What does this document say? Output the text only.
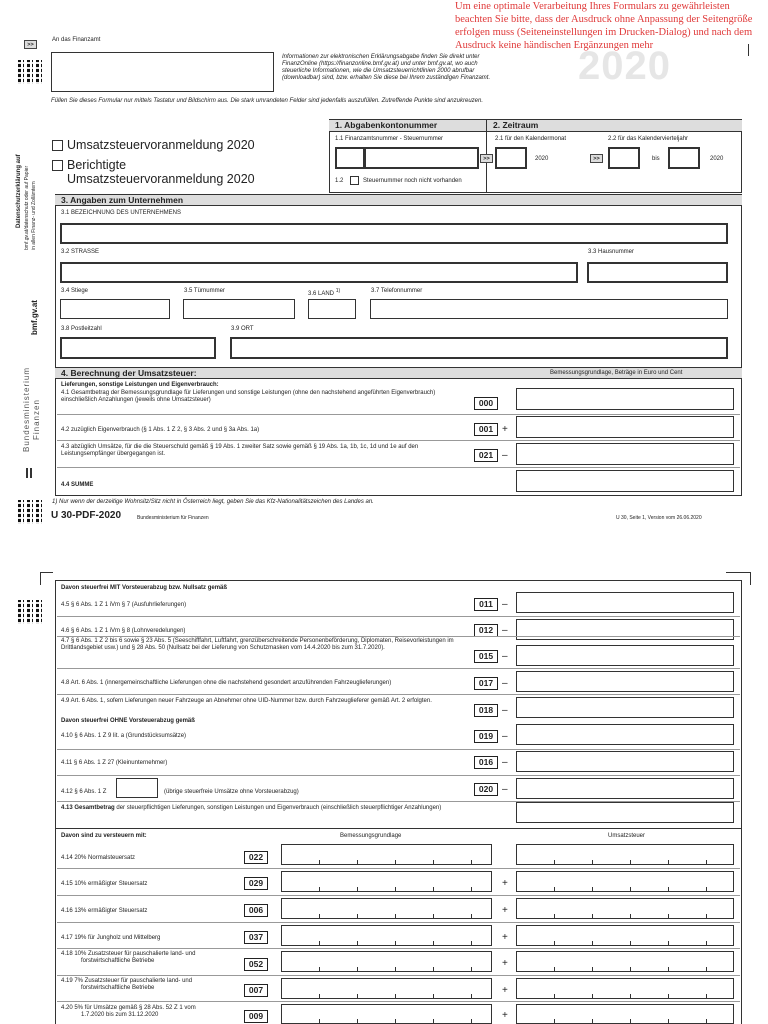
Um eine optimale Verarbeitung Ihres Formulars zu gewährleisten beachten Sie bitte, dass der Ausdruck ohne Anpassung der Seitengröße erfolgen muss (Seiteneinstellungen im Drucken-Dialog) und nach dem Ausdruck keine händischen Ergänzungen mehr
2020
>>
An das Finanzamt
Informationen zur elektronischen Erklärungsabgabe finden Sie direkt unter FinanzOnline (https://finanzonline.bmf.gv.at) und unter bmf.gv.at, wo auch steuerliche Informationen, wie die Umsatzsteuerrichtlinien 2000 abrufbar (downloadbar) sind, bzw. erhalten Sie diese bei Ihrem zuständigen Finanzamt.
Füllen Sie dieses Formular nur mittels Tastatur und Bildschirm aus. Die stark umrandeten Felder sind jedenfalls auszufüllen. Zutreffende Punkte sind anzukreuzen.
Datenschutzerklärung auf bmf.gv.at/datenschutz oder auf Papier in allen Finanz- und Zollämtern
bmf.gv.at
Bundesministerium Finanzen
Umsatzsteuervoranmeldung 2020
Berichtigte
Umsatzsteuervoranmeldung 2020
1. Abgabenkontonummer	2. Zeitraum
1.1 Finanzamtsnummer - Steuernummer
>>
1.2	Steuernummer noch nicht vorhanden
2.1 für den Kalendermonat	2.2 für das Kalendervierteljahr
2020	>>	bis	2020
3. Angaben zum Unternehmen
3.1 BEZEICHNUNG DES UNTERNEHMENS
3.2 STRASSE	3.3 Hausnummer
3.4 Stiege	3.5 Türnummer	3.6 LAND $^{1)}$	3.7 Telefonnummer
3.8 Postleitzahl	3.9 ORT
4. Berechnung der Umsatzsteuer:	Bemessungsgrundlage, Beträge in Euro und Cent
Lieferungen, sonstige Leistungen und Eigenverbrauch:
4.1 Gesamtbetrag der Bemessungsgrundlage für Lieferungen und sonstige Leistungen (ohne den nachstehend angeführten Eigenverbrauch) einschließlich Anzahlungen (jeweils ohne Umsatzsteuer)	000
4.2 zuzüglich Eigenverbrauch (§ 1 Abs. 1 Z 2, § 3 Abs. 2 und § 3a Abs. 1a)	001 +
4.3 abzüglich Umsätze, für die die Steuerschuld gemäß § 19 Abs. 1 zweiter Satz sowie gemäß § 19 Abs. 1a, 1b, 1c, 1d und 1e auf den Leistungsempfänger übergegangen ist.	021 –
4.4 SUMME
1) Nur wenn der derzeitige Wohnsitz/Sitz nicht in Österreich liegt, geben Sie das Kfz-Nationalitätszeichen des Landes an.
U 30-PDF-2020	Bundesministerium für Finanzen	U 30, Seite 1, Version vom 26.06.2020
Davon steuerfrei MIT Vorsteuerabzug bzw. Nullsatz gemäß
4.5 § 6 Abs. 1 Z 1 iVm § 7 (Ausfuhrlieferungen)	011 –
4.6 § 6 Abs. 1 Z 1 iVm § 8 (Lohnveredelungen)	012 –
4.7 § 6 Abs. 1 Z 2 bis 6 sowie § 23 Abs. 5 (Seeschifffahrt, Luftfahrt, grenzüberschreitende Personenbeförderung, Diplomaten, Reisevorleistungen im Drittlandsgebiet usw.) und § 28 Abs. 50 (Nullsatz bei der Lieferung von Schutzmasken vom 14.4.2020 bis zum 31.7.2020).
015 –
4.8 Art. 6 Abs. 1 (innergemeinschaftliche Lieferungen ohne die nachstehend gesondert anzuführenden Fahrzeuglieferungen)	017 –
4.9 Art. 6 Abs. 1, sofern Lieferungen neuer Fahrzeuge an Abnehmer ohne UID-Nummer bzw. durch Fahrzeuglieferer gemäß Art. 2 erfolgten.
018 –
Davon steuerfrei OHNE Vorsteuerabzug gemäß
4.10 § 6 Abs. 1 Z 9 lit. a (Grundstücksumsätze)	019 –
4.11 § 6 Abs. 1 Z 27 (Kleinunternehmer)	016 –
4.12 § 6 Abs. 1 Z	(übrige steuerfreie Umsätze ohne Vorsteuerabzug)	020 –
4.13 Gesamtbetrag der steuerpflichtigen Lieferungen, sonstigen Leistungen und Eigenverbrauch (einschließlich steuerpflichtiger Anzahlungen)
Davon sind zu versteuern mit:	Bemessungsgrundlage	Umsatzsteuer
4.14 20% Normalsteuersatz	022
4.15 10% ermäßigter Steuersatz	029	+
4.16 13% ermäßigter Steuersatz	006	+
4.17 19% für Jungholz und Mittelberg	037	+
4.18 10% Zusatzsteuer für pauschalierte land- und
forstwirtschaftliche Betriebe	052	+
4.19 7% Zusatzsteuer für pauschalierte land- und
forstwirtschaftliche Betriebe	007	+
4.20 5% für Umsätze gemäß § 28 Abs. 52 Z 1 vom
1.7.2020 bis zum 31.12.2020	009	+
